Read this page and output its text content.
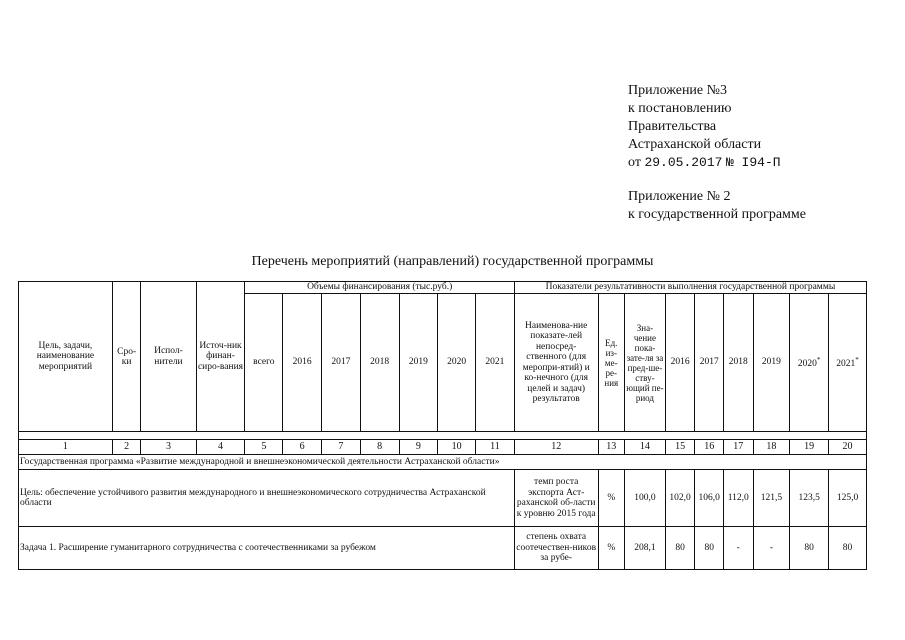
Приложение №3
к постановлению
Правительства
Астраханской области
от 29.05.2017 № I94-П
Приложение № 2
к государственной программе
Перечень мероприятий (направлений) государственной программы
Цель, задачи, наименование мероприятий	Сро-ки	Испол-нители	Источ-ник финан-сиро-вания	Объемы финансирования (тыс.руб.)							Показатели результативности выполнения государственной программы								
				всего	2016	2017	2018	2019	2020	2021	Наименова-ние показате-лей непосред-ственного (для меропри-ятий) и ко-нечного (для целей и задач) результатов	Ед. из-ме-ре-ния	Зна-чение пока-зате-ля за пред-ше-ству-ющий пе-риод	2016	2017	2018	2019	2020*	2021*

1	2	3	4	5	6	7	8	9	10	11	12	13	14	15	16	17	18	19	20
Государственная программа «Развитие международной и внешнеэкономической деятельности Астраханской области»																			
Цель: обеспечение устойчивого развития международного и внешнеэкономического сотрудничества Астраханской области											темп роста экспорта Аст-раханской об-ласти к уровню 2015 года	%	100,0	102,0	106,0	112,0	121,5	123,5	125,0
Задача 1. Расширение гуманитарного сотрудничества с соотечественниками за рубежом											степень охвата соотечествен-ников за рубе-	%	208,1	80	80	-	-	80	80
